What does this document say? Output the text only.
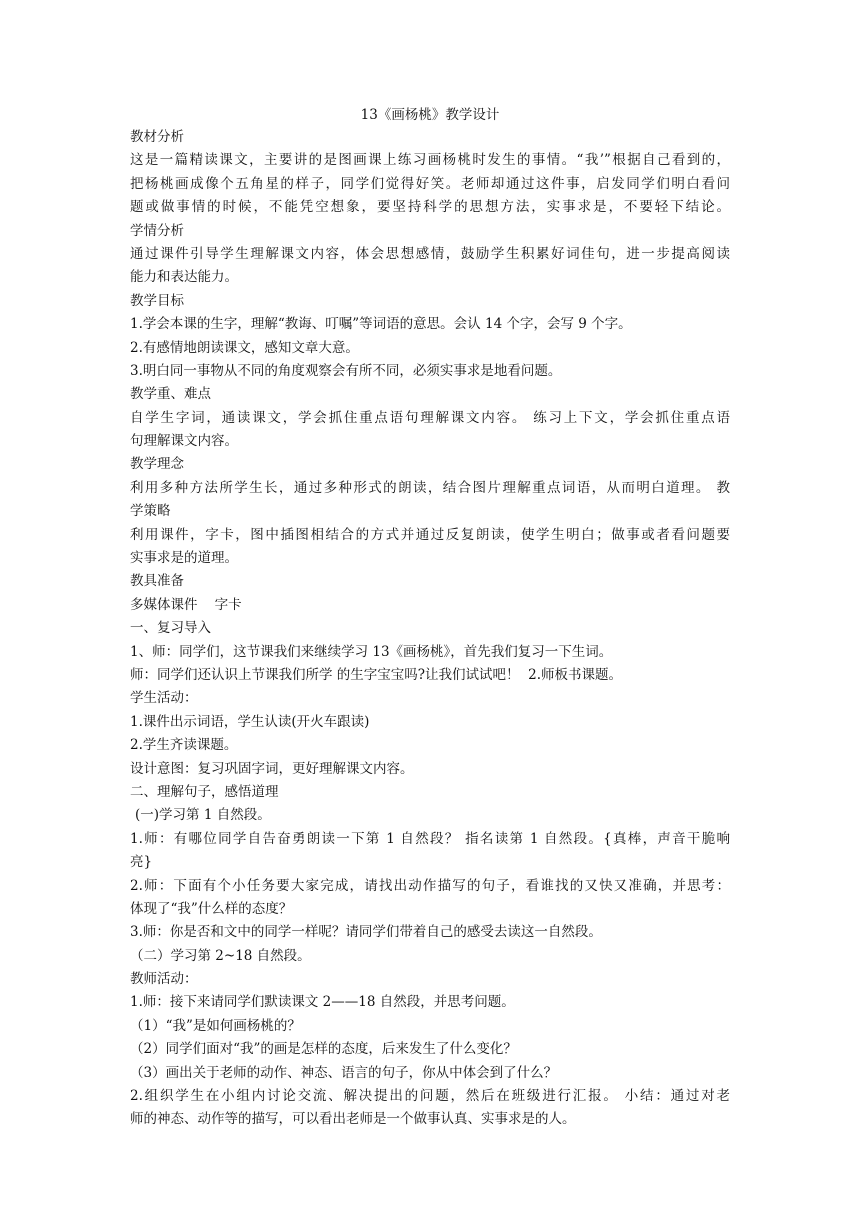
13《画杨桃》教学设计
教材分析
这是一篇精读课文，主要讲的是图画课上练习画杨桃时发生的事情。“我’”根据自己看到的，
把杨桃画成像个五角星的样子，同学们觉得好笑。老师却通过这件事，启发同学们明白看问
题或做事情的时候，不能凭空想象，要坚持科学的思想方法，实事求是，不要轻下结论。
学情分析
通过课件引导学生理解课文内容，体会思想感情，鼓励学生积累好词佳句，进一步提高阅读
能力和表达能力。
教学目标
1.学会本课的生字，理解“教诲、叮嘱”等词语的意思。会认 14 个字，会写 9 个字。
2.有感情地朗读课文，感知文章大意。
3.明白同一事物从不同的角度观察会有所不同，必须实事求是地看问题。
教学重、难点
自学生字词，通读课文，学会抓住重点语句理解课文内容。 练习上下文，学会抓住重点语
句理解课文内容。
教学理念
利用多种方法所学生长，通过多种形式的朗读，结合图片理解重点词语，从而明白道理。 教
学策略
利用课件，字卡，图中插图相结合的方式并通过反复朗读，使学生明白；做事或者看问题要
实事求是的道理。
教具准备
多媒体课件    字卡
一、复习导入
1、师：同学们，这节课我们来继续学习 13《画杨桃》，首先我们复习一下生词。
师：同学们还认识上节课我们所学 的生字宝宝吗?让我们试试吧！  2.师板书课题。
学生活动：
1.课件出示词语，学生认读(开火车跟读)
2.学生齐读课题。
设计意图：复习巩固字词，更好理解课文内容。
二、理解句子，感悟道理
(一)学习第 1 自然段。
1.师：有哪位同学自告奋勇朗读一下第 1 自然段？ 指名读第 1 自然段。{真棒，声音干脆响
亮}
2.师：下面有个小任务要大家完成，请找出动作描写的句子，看谁找的又快又准确，并思考：
体现了“我”什么样的态度？
3.师：你是否和文中的同学一样呢？请同学们带着自己的感受去读这一自然段。
（二）学习第 2~18 自然段。
教师活动：
1.师：接下来请同学们默读课文 2——18 自然段，并思考问题。
（1）“我”是如何画杨桃的？
（2）同学们面对“我”的画是怎样的态度，后来发生了什么变化？
（3）画出关于老师的动作、神态、语言的句子，你从中体会到了什么？
2.组织学生在小组内讨论交流、解决提出的问题，然后在班级进行汇报。 小结：通过对老
师的神态、动作等的描写，可以看出老师是一个做事认真、实事求是的人。
